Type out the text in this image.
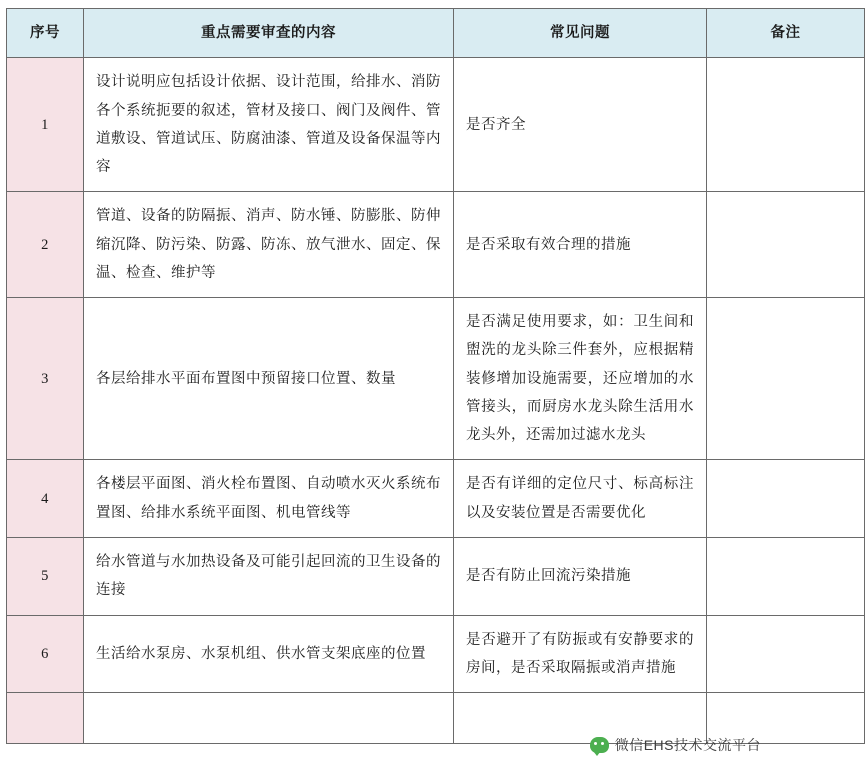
序号	重点需要审查的内容	常见问题	备注
1	设计说明应包括设计依据、设计范围，给排水、消防各个系统扼要的叙述，管材及接口、阀门及阀件、管道敷设、管道试压、防腐油漆、管道及设备保温等内容	是否齐全	
2	管道、设备的防隔振、消声、防水锤、防膨胀、防伸缩沉降、防污染、防露、防冻、放气泄水、固定、保温、检查、维护等	是否采取有效合理的措施	
3	各层给排水平面布置图中预留接口位置、数量	是否满足使用要求，如：卫生间和盥洗的龙头除三件套外，应根据精装修增加设施需要，还应增加的水管接头，而厨房水龙头除生活用水龙头外，还需加过滤水龙头	
4	各楼层平面图、消火栓布置图、自动喷水灭火系统布置图、给排水系统平面图、机电管线等	是否有详细的定位尺寸、标高标注以及安装位置是否需要优化	
5	给水管道与水加热设备及可能引起回流的卫生设备的连接	是否有防止回流污染措施	
6	生活给水泵房、水泵机组、供水管支架底座的位置	是否避开了有防振或有安静要求的房间，是否采取隔振或消声措施	

微信EHS技术交流平台
